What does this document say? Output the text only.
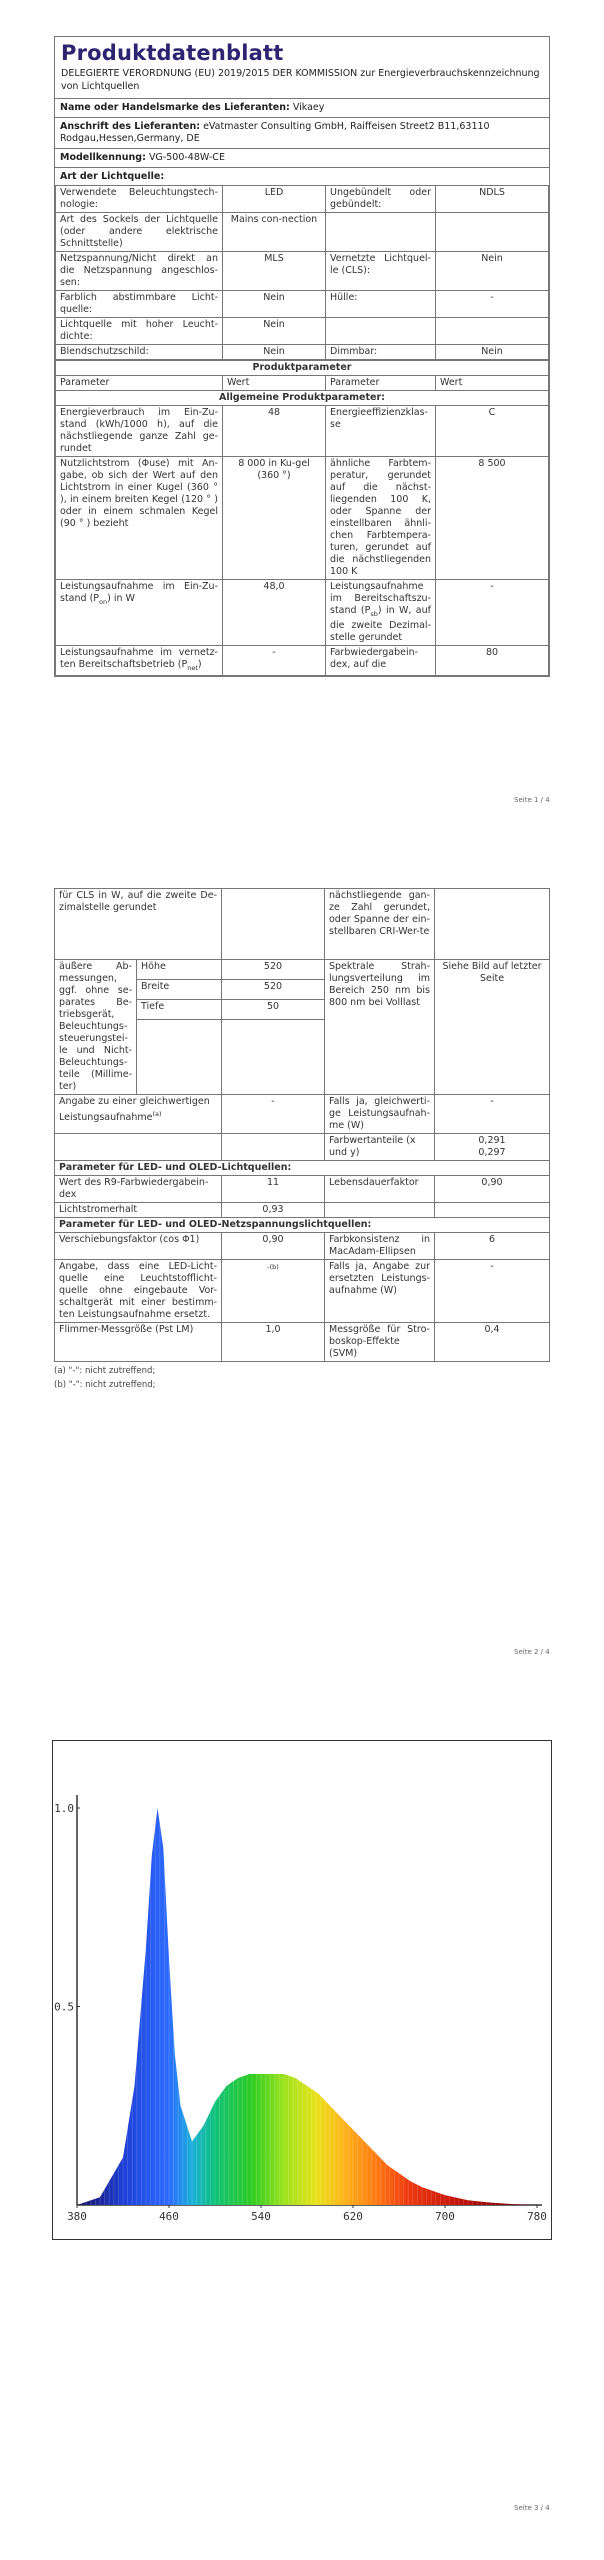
Produktdatenblatt
DELEGIERTE VERORDNUNG (EU) 2019/2015 DER KOMMISSION zur Energieverbrauchskennzeichnung von Lichtquellen
Name oder Handelsmarke des Lieferanten: Vikaey
Anschrift des Lieferanten: eVatmaster Consulting GmbH, Raiffeisen Street2 B11,63110 Rodgau,Hessen,Germany, DE
Modellkennung: VG-500-48W-CE
Art der Lichtquelle:
Verwendete Beleuchtungstech-nologie:	LED	Ungebündelt oder gebündelt:	NDLS
Art des Sockels der Lichtquelle (oder andere elektrische Schnittstelle)	Mains con-nection		
Netzspannung/Nicht direkt an die Netzspannung angeschlos-sen:	MLS	Vernetzte Lichtquel-le (CLS):	Nein
Farblich abstimmbare Licht-quelle:	Nein	Hülle:	-
Lichtquelle mit hoher Leucht-dichte:	Nein		
Blendschutzschild:	Nein	Dimmbar:	Nein
Produktparameter			
Parameter	Wert	Parameter	Wert
Allgemeine Produktparameter:			
Energieverbrauch im Ein-Zu-stand (kWh/1000 h), auf die nächstliegende ganze Zahl ge-rundet	48	Energieeffizienzklas-se	C
Nutzlichtstrom (Φuse) mit An-gabe, ob sich der Wert auf den Lichtstrom in einer Kugel (360 ° ), in einem breiten Kegel (120 ° ) oder in einem schmalen Kegel (90 ° ) bezieht	8 000 in Ku-gel (360 °)	ähnliche Farbtem-peratur, gerundet auf die nächst-liegenden 100 K, oder Spanne der einstellbaren ähnli-chen Farbtempera-turen, gerundet auf die nächstliegenden 100 K	8 500
Leistungsaufnahme im Ein-Zu-stand $(P_{on})$ in W	48,0	Leistungsaufnahme im Bereitschaftszu-stand $(P_{sb})$ in W, auf die zweite Dezimal-stelle gerundet	-
Leistungsaufnahme im vernetz-ten Bereitschaftsbetrieb $(P_{net})$	-	Farbwiedergabein-dex, auf die	80
Seite 1 / 4
für CLS in W, auf die zweite De-zimalstelle gerundet			nächstliegende gan-ze Zahl gerundet, oder Spanne der ein-stellbaren CRI-Wer-te	
äußere Ab-messungen, ggf. ohne se-parates Be-triebsgerät, Beleuchtungs-steuerungstei-le und Nicht-Beleuchtungs-teile (Millime-ter)	Höhe	520	Spektrale Strah-lungsverteilung im Bereich 250 nm bis 800 nm bei Volllast	Siehe Bild auf letzter Seite
	Breite	520		
	Tiefe	50		

Angabe zu einer gleichwertigen Leistungsaufnahme$^{(a)}$		-	Falls ja, gleichwerti-ge Leistungsaufnah-me (W)	-
			Farbwertanteile (x und y)	0,291
0,297

Parameter für LED- und OLED-Lichtquellen:				
Wert des R9-Farbwiedergabein-dex		11	Lebensdauerfaktor	0,90
Lichtstromerhalt		0,93		
Parameter für LED- und OLED-Netzspannungslichtquellen:				
Verschiebungsfaktor (cos Φ1)		0,90	Farbkonsistenz in MacAdam-Ellipsen	6
Angabe, dass eine LED-Licht-quelle eine Leuchtstofflicht-quelle ohne eingebaute Vor-schaltgerät mit einer bestimm-ten Leistungsaufnahme ersetzt.		$^{-(b)}$	Falls ja, Angabe zur ersetzten Leistungs-aufnahme (W)	-
Flimmer-Messgröße (Pst LM)		1,0	Messgröße für Stro-boskop-Effekte (SVM)	0,4
(a) "-": nicht zutreffend;
(b) "-": nicht zutreffend;
Seite 2 / 4
380	460	540	620	700	780
1.0
0.5
Seite 3 / 4
